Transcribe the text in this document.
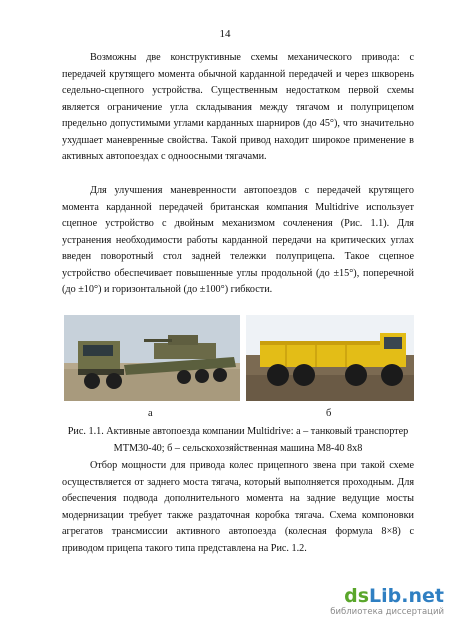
14

Возможны две конструктивные схемы механического привода: с передачей крутящего момента обычной карданной передачей и через шкворень седельно-сцепного устройства. Существенным недостатком первой схемы является ограничение угла складывания между тягачом и полуприцепом предельно допустимыми углами карданных шарниров (до 45°), что значительно ухудшает маневренные свойства. Такой привод находит широкое применение в активных автопоездах с одноосными тягачами.

Для улучшения маневренности автопоездов с передачей крутящего момента карданной передачей британская компания Multidrive использует сцепное устройство с двойным механизмом сочленения (Рис. 1.1). Для устранения необходимости работы карданной передачи на критических углах введен поворотный стол задней тележки полуприцепа. Такое сцепное устройство обеспечивает повышенные углы продольной (до ±15°), поперечной (до ±10°) и горизонтальной (до ±100°) гибкости.

а	б

Рис. 1.1. Активные автопоезда компании Multidrive: а – танковый транспортер MTM30-40; б – сельскохозяйственная машина M8-40 8x8

Отбор мощности для привода колес прицепного звена при такой схеме осуществляется от заднего моста тягача, который выполняется проходным. Для обеспечения подвода дополнительного момента на задние ведущие мосты модернизации требует также раздаточная коробка тягача. Схема компоновки агрегатов трансмиссии активного автопоезда (колесная формула 8×8) с приводом прицепа такого типа представлена на Рис. 1.2.

dsLib.net
библиотека диссертаций
